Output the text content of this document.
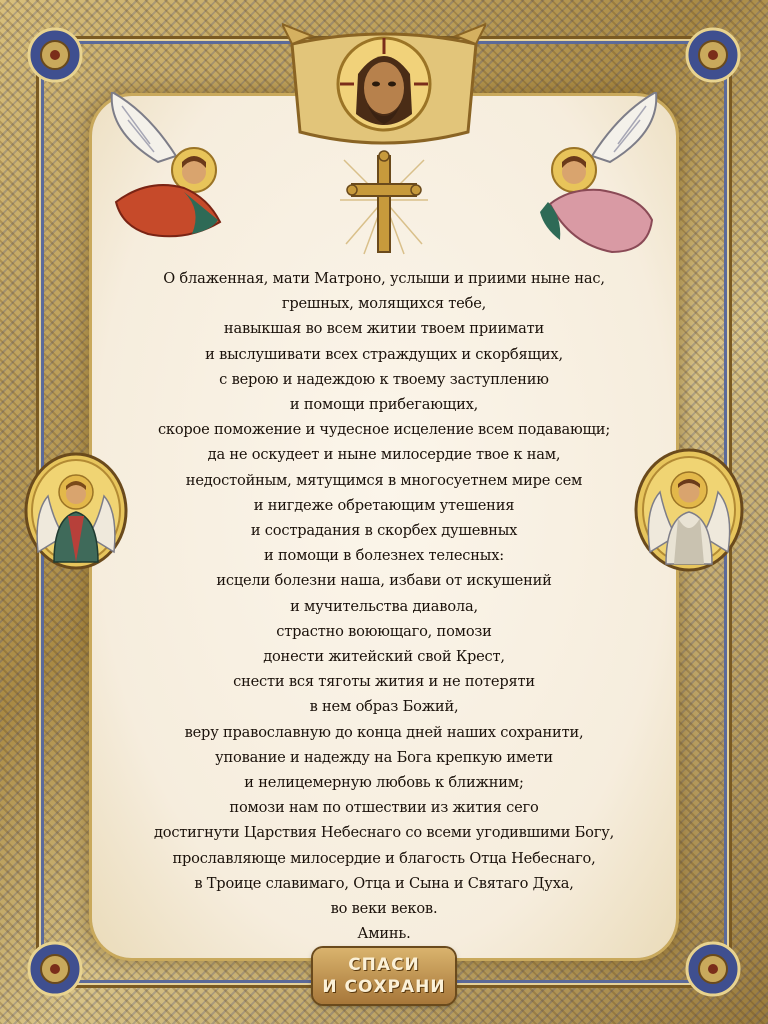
О блаженная, мати Матроно, услыши и приими ныне нас,
грешных, молящихся тебе,
навыкшая во всем житии твоем приимати
и выслушивати всех страждущих и скорбящих,
с верою и надеждою к твоему заступлению
и помощи прибегающих,
скорое поможение и чудесное исцеление всем подавающи;
да не оскудеет и ныне милосердие твое к нам,
недостойным, мятущимся в многосуетнем мире сем
и нигдеже обретающим утешения
и сострадания в скорбех душевных
и помощи в болезнех телесных:
исцели болезни наша, избави от искушений
и мучительства диавола,
страстно воюющаго, помози
донести житейский свой Крест,
снести вся тяготы жития и не потеряти
в нем образ Божий,
веру православную до конца дней наших сохранити,
упование и надежду на Бога крепкую имети
и нелицемерную любовь к ближним;
помози нам по отшествии из жития сего
достигнути Царствия Небеснаго со всеми угодившими Богу,
прославляюще милосердие и благость Отца Небеснаго,
в Троице славимаго, Отца и Сына и Святаго Духа,
во веки веков.
Аминь.
СПАСИ
И СОХРАНИ
